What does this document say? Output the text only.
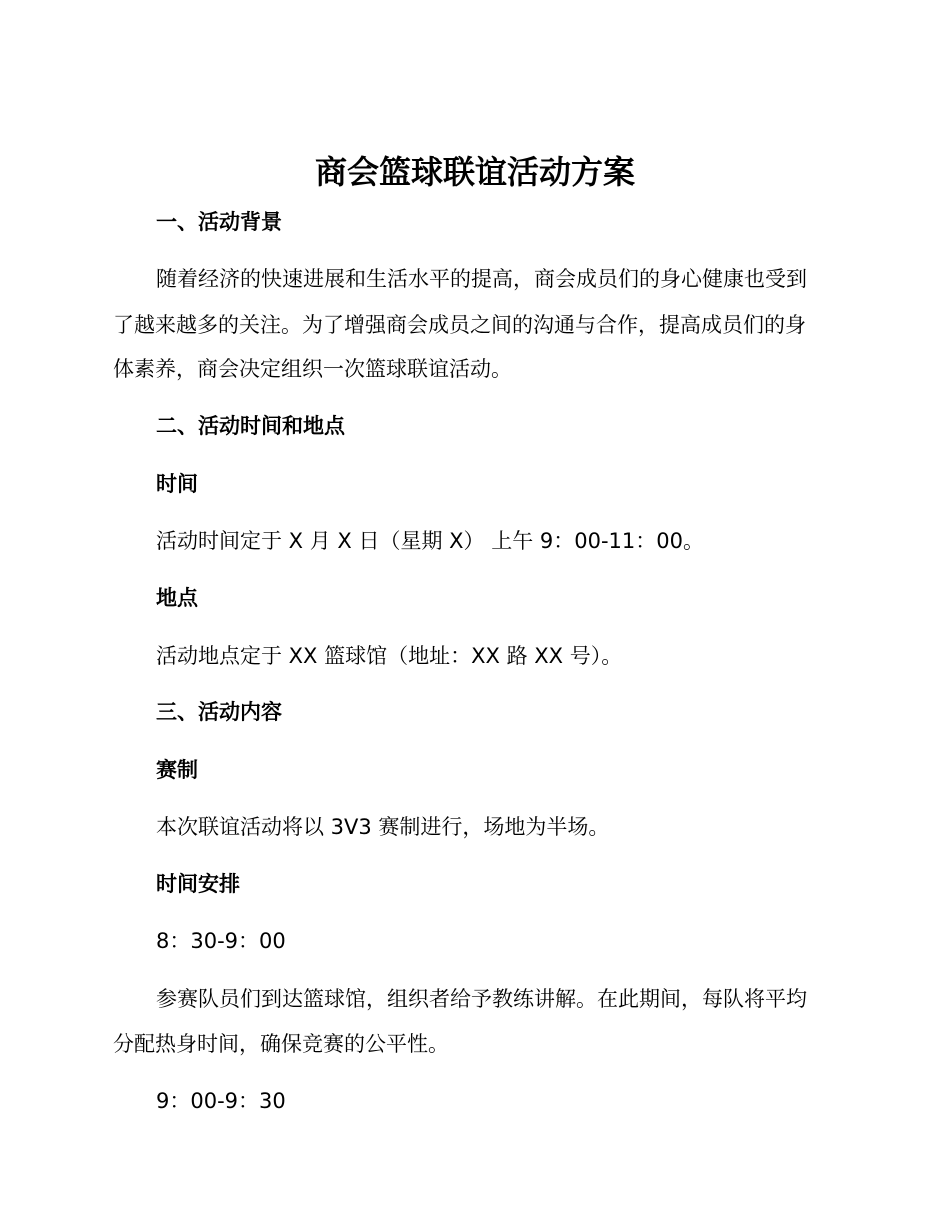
商会篮球联谊活动方案
一、活动背景
随着经济的快速进展和生活水平的提高，商会成员们的身心健康也受到
了越来越多的关注。为了增强商会成员之间的沟通与合作，提高成员们的身
体素养，商会决定组织一次篮球联谊活动。
二、活动时间和地点
时间
活动时间定于 X 月 X 日（星期 X） 上午 9：00-11：00。
地点
活动地点定于 XX 篮球馆（地址：XX 路 XX 号）。
三、活动内容
赛制
本次联谊活动将以 3V3 赛制进行，场地为半场。
时间安排
8：30-9：00
参赛队员们到达篮球馆，组织者给予教练讲解。在此期间，每队将平均
分配热身时间，确保竞赛的公平性。
9：00-9：30
